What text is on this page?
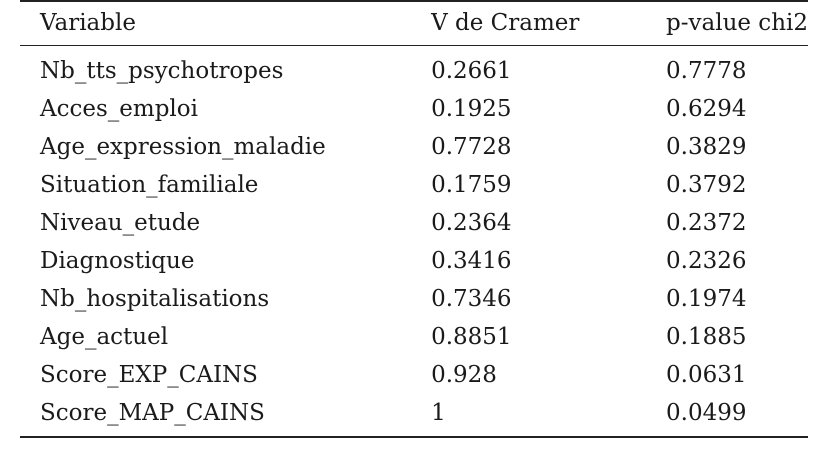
Variable	V de Cramer	p-value chi2
Nb_tts_psychotropes	0.2661	0.7778
Acces_emploi	0.1925	0.6294
Age_expression_maladie	0.7728	0.3829
Situation_familiale	0.1759	0.3792
Niveau_etude	0.2364	0.2372
Diagnostique	0.3416	0.2326
Nb_hospitalisations	0.7346	0.1974
Age_actuel	0.8851	0.1885
Score_EXP_CAINS	0.928	0.0631
Score_MAP_CAINS	1	0.0499
